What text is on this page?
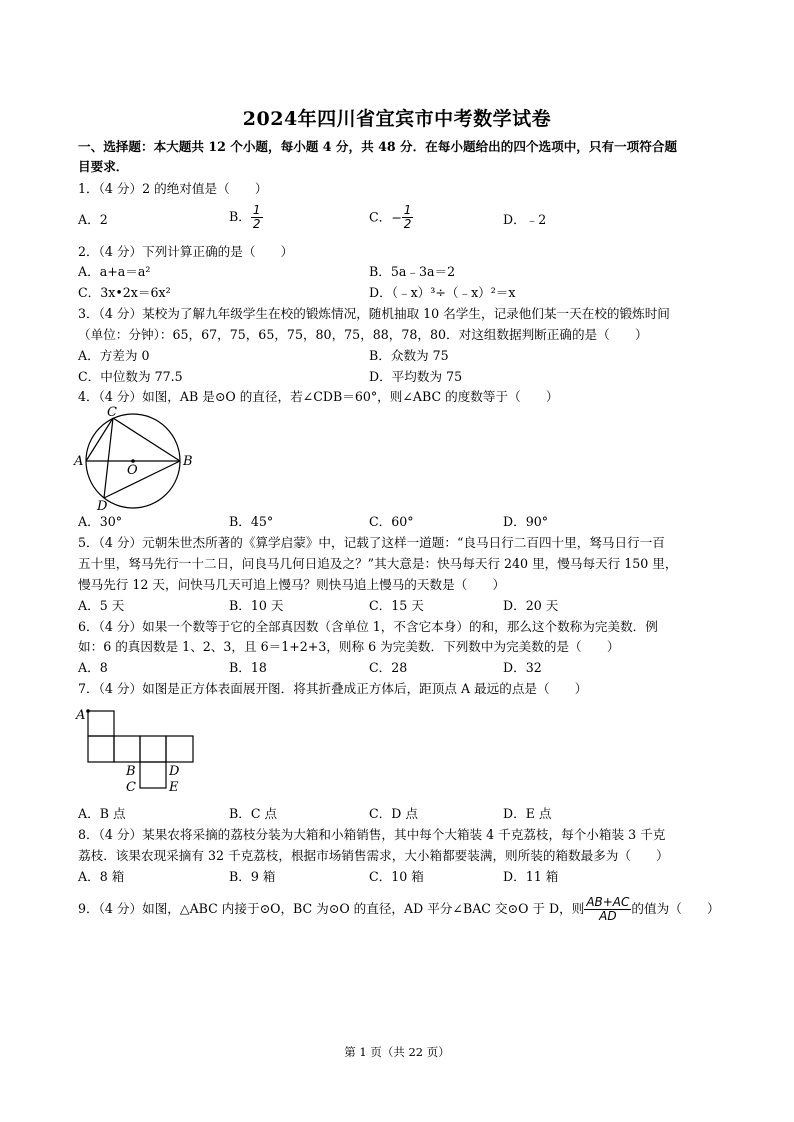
2024年四川省宜宾市中考数学试卷
一、选择题：本大题共 12 个小题，每小题 4 分，共 48 分．在每小题给出的四个选项中，只有一项符合题
目要求．
1．（4 分）2 的绝对值是（　　）
A．2	B． $\frac{1}{2}$	C． − $\frac{1}{2}$	D．﹣2
2．（4 分）下列计算正确的是（　　）
A．a+a＝a²	B．5a﹣3a＝2
C．3x•2x＝6x²	D．（﹣x）³÷（﹣x）²＝x
3．（4 分）某校为了解九年级学生在校的锻炼情况，随机抽取 10 名学生，记录他们某一天在校的锻炼时间
（单位：分钟）：65，67，75，65，75，80，75，88，78，80．对这组数据判断正确的是（　　）
A．方差为 0	B．众数为 75
C．中位数为 77.5	D．平均数为 75
4．（4 分）如图，AB 是⊙O 的直径，若∠CDB＝60°，则∠ABC 的度数等于（　　）
C
A	B
O
D
A．30°	B．45°	C．60°	D．90°
5．（4 分）元朝朱世杰所著的《算学启蒙》中，记载了这样一道题：“良马日行二百四十里，驽马日行一百
五十里，驽马先行一十二日，问良马几何日追及之？”其大意是：快马每天行 240 里，慢马每天行 150 里，
慢马先行 12 天，问快马几天可追上慢马？则快马追上慢马的天数是（　　）
A．5 天	B．10 天	C．15 天	D．20 天
6．（4 分）如果一个数等于它的全部真因数（含单位 1，不含它本身）的和，那么这个数称为完美数．例
如：6 的真因数是 1、2、3，且 6＝1+2+3，则称 6 为完美数．下列数中为完美数的是（　　）
A．8	B．18	C．28	D．32
7．（4 分）如图是正方体表面展开图．将其折叠成正方体后，距顶点 A 最远的点是（　　）
A
B	D
C	E
A．B 点	B．C 点	C．D 点	D．E 点
8．（4 分）某果农将采摘的荔枝分装为大箱和小箱销售，其中每个大箱装 4 千克荔枝，每个小箱装 3 千克
荔枝．该果农现采摘有 32 千克荔枝，根据市场销售需求，大小箱都要装满，则所装的箱数最多为（　　）
A．8 箱	B．9 箱	C．10 箱	D．11 箱
9．（4 分）如图，△ABC 内接于⊙O，BC 为⊙O 的直径，AD 平分∠BAC 交⊙O 于 D，则 $\frac{AB+AC}{AD}$ 的值为（　　）
第 1 页（共 22 页）
